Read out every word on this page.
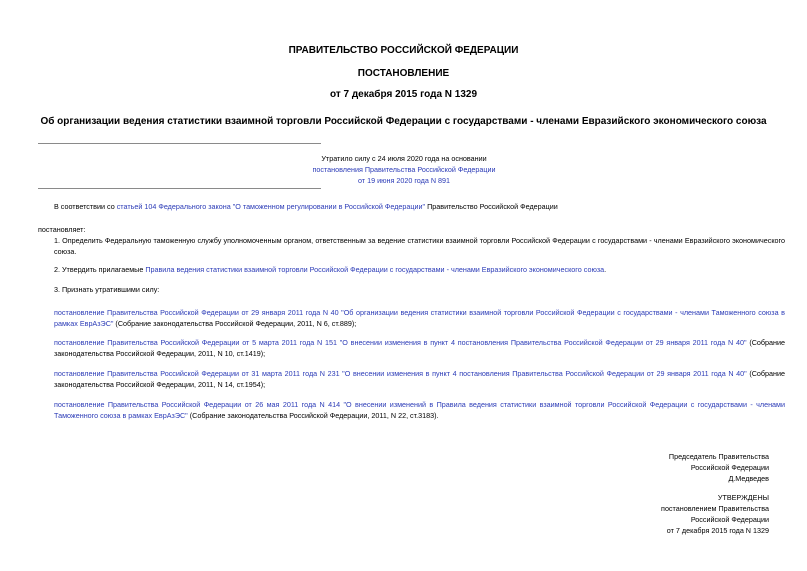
ПРАВИТЕЛЬСТВО РОССИЙСКОЙ ФЕДЕРАЦИИ
ПОСТАНОВЛЕНИЕ
от 7 декабря 2015 года N 1329
Об организации ведения статистики взаимной торговли Российской Федерации с государствами - членами Евразийского экономического союза
Утратило силу с 24 июля 2020 года на основании
постановления Правительства Российской Федерации
от 19 июня 2020 года N 891

В соответствии со статьей 104 Федерального закона "О таможенном регулировании в Российской Федерации" Правительство Российской Федерации

постановляет:

1. Определить Федеральную таможенную службу уполномоченным органом, ответственным за ведение статистики взаимной торговли Российской Федерации с государствами - членами Евразийского экономического союза.

2. Утвердить прилагаемые Правила ведения статистики взаимной торговли Российской Федерации с государствами - членами Евразийского экономического союза.

3. Признать утратившими силу:

постановление Правительства Российской Федерации от 29 января 2011 года N 40 "Об организации ведения статистики взаимной торговли Российской Федерации с государствами - членами Таможенного союза в рамках ЕврАзЭС" (Собрание законодательства Российской Федерации, 2011, N 6, ст.889);

постановление Правительства Российской Федерации от 5 марта 2011 года N 151 "О внесении изменения в пункт 4 постановления Правительства Российской Федерации от 29 января 2011 года N 40" (Собрание законодательства Российской Федерации, 2011, N 10, ст.1419);

постановление Правительства Российской Федерации от 31 марта 2011 года N 231 "О внесении изменения в пункт 4 постановления Правительства Российской Федерации от 29 января 2011 года N 40" (Собрание законодательства Российской Федерации, 2011, N 14, ст.1954);

постановление Правительства Российской Федерации от 26 мая 2011 года N 414 "О внесении изменений в Правила ведения статистики взаимной торговли Российской Федерации с государствами - членами Таможенного союза в рамках ЕврАзЭС" (Собрание законодательства Российской Федерации, 2011, N 22, ст.3183).

Председатель Правительства
Российской Федерации
Д.Медведев
УТВЕРЖДЕНЫ
постановлением Правительства
Российской Федерации
от 7 декабря 2015 года N 1329
